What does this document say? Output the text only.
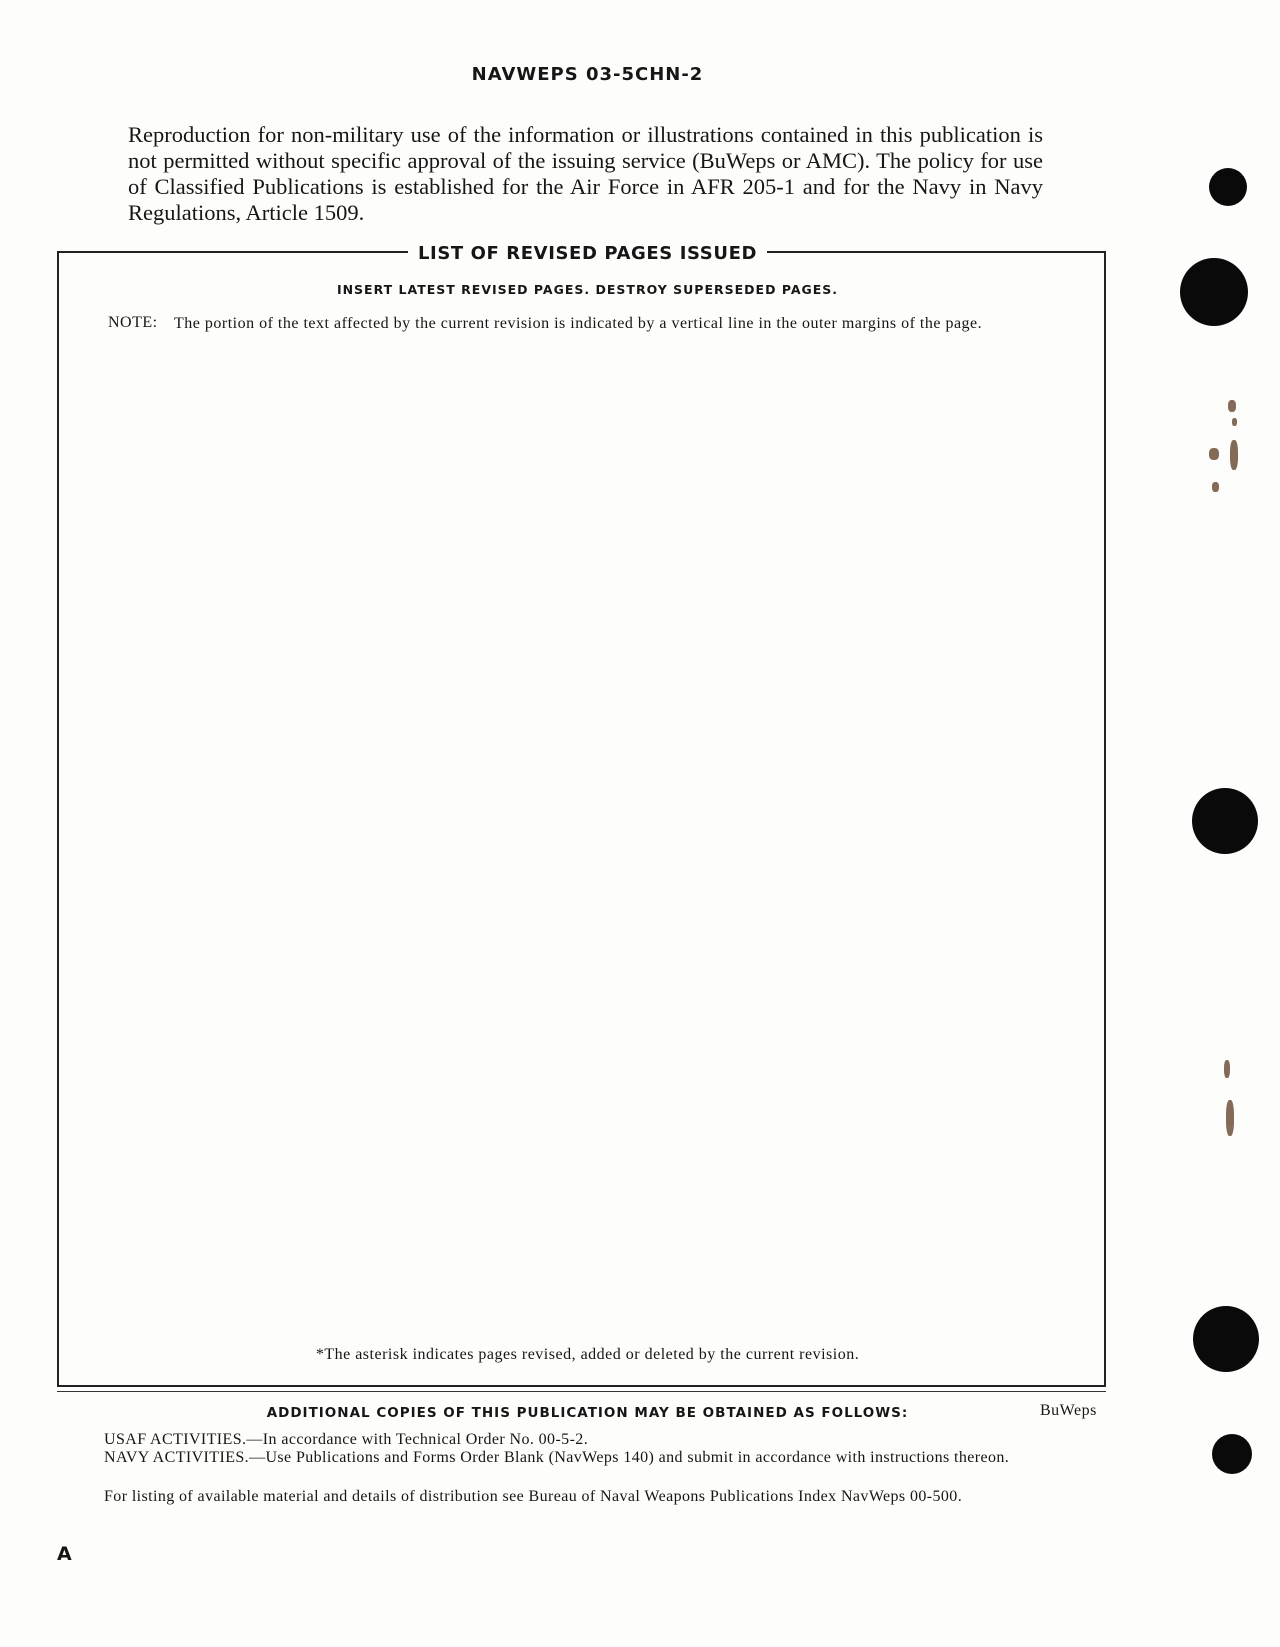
NAVWEPS 03-5CHN-2
Reproduction for non-military use of the information or illustrations contained in this publication is not permitted without specific approval of the issuing service (BuWeps or AMC). The policy for use of Classified Publications is established for the Air Force in AFR 205-1 and for the Navy in Navy Regulations, Article 1509.
LIST OF REVISED PAGES ISSUED
INSERT LATEST REVISED PAGES. DESTROY SUPERSEDED PAGES.
NOTE: The portion of the text affected by the current revision is indicated by a vertical line in the outer margins of the page.
*The asterisk indicates pages revised, added or deleted by the current revision.
ADDITIONAL COPIES OF THIS PUBLICATION MAY BE OBTAINED AS FOLLOWS:	BuWeps
USAF ACTIVITIES.—In accordance with Technical Order No. 00-5-2.
NAVY ACTIVITIES.—Use Publications and Forms Order Blank (NavWeps 140) and submit in accordance with instructions thereon.
For listing of available material and details of distribution see Bureau of Naval Weapons Publications Index NavWeps 00-500.
A
